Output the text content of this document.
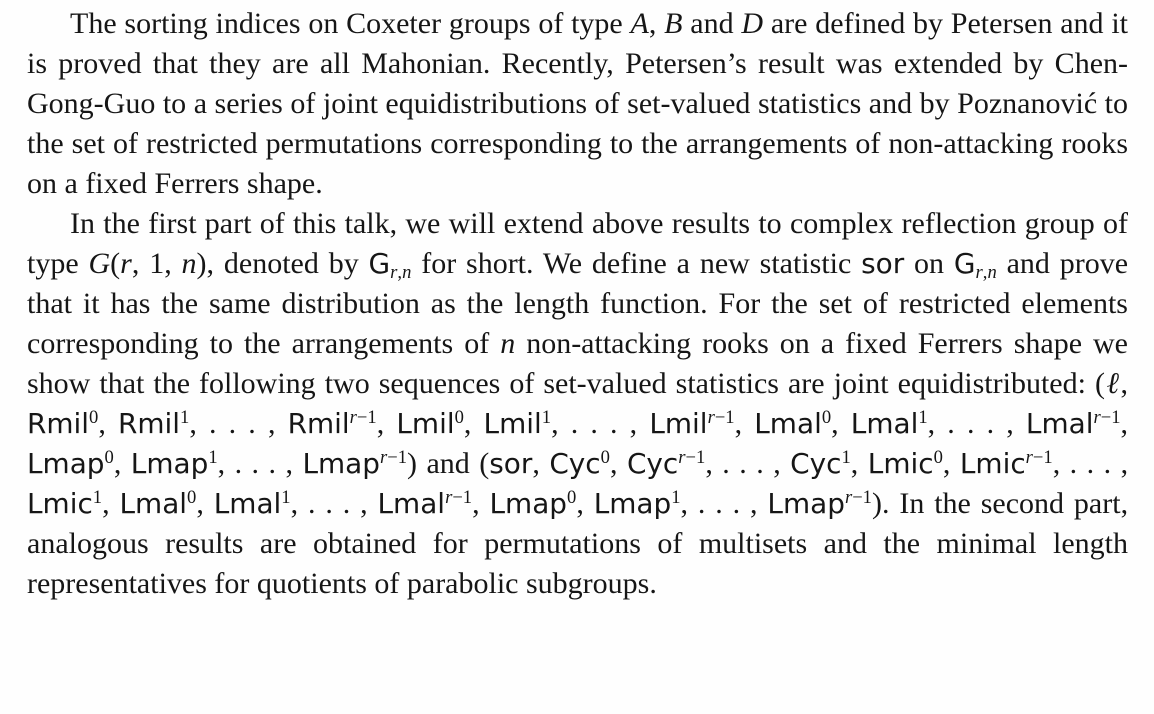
The sorting indices on Coxeter groups of type A, B and D are defined by Petersen and it is proved that they are all Mahonian. Recently, Petersen’s result was extended by Chen-Gong-Guo to a series of joint equidistributions of set-valued statistics and by Poznanović to the set of restricted permutations corresponding to the arrangements of non-attacking rooks on a fixed Ferrers shape.

In the first part of this talk, we will extend above results to complex reflection group of type G(r, 1, n), denoted by $G_{r,n}$ for short. We define a new statistic sor on $G_{r,n}$ and prove that it has the same distribution as the length function. For the set of restricted elements corresponding to the arrangements of n non-attacking rooks on a fixed Ferrers shape we show that the following two sequences of set-valued statistics are joint equidistributed: (ℓ, Rmil$^0$, Rmil$^1$, . . . , Rmil$^{r-1}$, Lmil$^0$, Lmil$^1$, . . . , Lmil$^{r-1}$, Lmal$^0$, Lmal$^1$, . . . , Lmal$^{r-1}$, Lmap$^0$, Lmap$^1$, . . . , Lmap$^{r-1}$) and (sor, Cyc$^0$, Cyc$^{r-1}$, . . . , Cyc$^1$, Lmic$^0$, Lmic$^{r-1}$, . . . , Lmic$^1$, Lmal$^0$, Lmal$^1$, . . . , Lmal$^{r-1}$, Lmap$^0$, Lmap$^1$, . . . , Lmap$^{r-1}$). In the second part, analogous results are obtained for permutations of multisets and the minimal length representatives for quotients of parabolic subgroups.
